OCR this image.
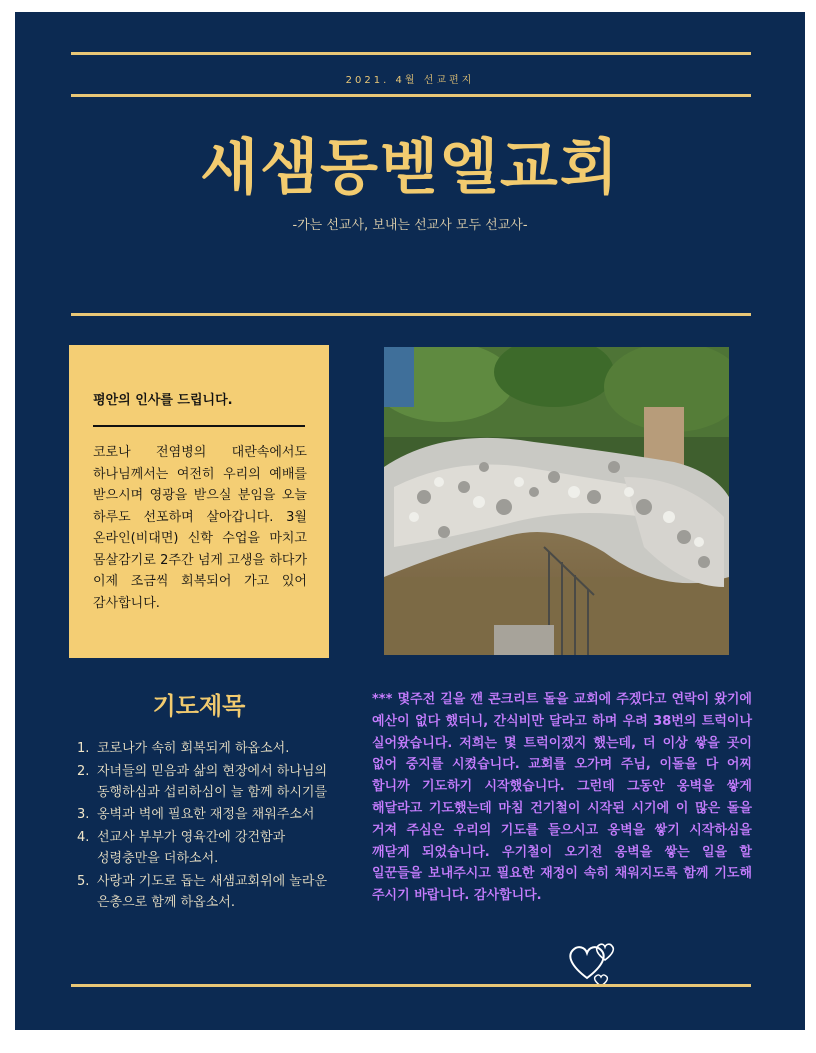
2021. 4월 선교편지
새샘동벧엘교회
-가는 선교사, 보내는 선교사 모두 선교사-
평안의 인사를 드립니다.
코로나 전염병의 대란속에서도 하나님께서는 여전히 우리의 예배를 받으시며 영광을 받으실 분임을 오늘 하루도 선포하며 살아갑니다. 3월 온라인(비대면) 신학 수업을 마치고 몸살감기로 2주간 넘게 고생을 하다가 이제 조금씩 회복되어 가고 있어 감사합니다.
기도제목
1. 코로나가 속히 회복되게 하옵소서.
2. 자녀들의 믿음과 삶의 현장에서 하나님의 동행하심과 섭리하심이 늘 함께 하시기를
3. 옹벽과 벽에 필요한 재정을 채워주소서
4. 선교사 부부가 영육간에 강건함과 성령충만을 더하소서.
5. 사랑과 기도로 돕는 새샘교회위에 놀라운 은총으로 함께 하옵소서.
*** 몇주전 길을 깬 콘크리트 돌을 교회에 주겠다고 연락이 왔기에 예산이 없다 했더니, 간식비만 달라고 하며 우려 38번의 트럭이나 실어왔습니다. 저희는 몇 트럭이겠지 했는데, 더 이상 쌓을 곳이 없어 중지를 시켰습니다. 교회를 오가며 주님, 이돌을 다 어찌 합니까 기도하기 시작했습니다. 그런데 그동안 옹벽을 쌓게 해달라고 기도했는데 마침 건기철이 시작된 시기에 이 많은 돌을 거져 주심은 우리의 기도를 들으시고 옹벽을 쌓기 시작하심을 깨닫게 되었습니다. 우기철이 오기전 옹벽을 쌓는 일을 할 일꾼들을 보내주시고 필요한 재정이 속히 채워지도록 함께 기도해 주시기 바랍니다. 감사합니다.
